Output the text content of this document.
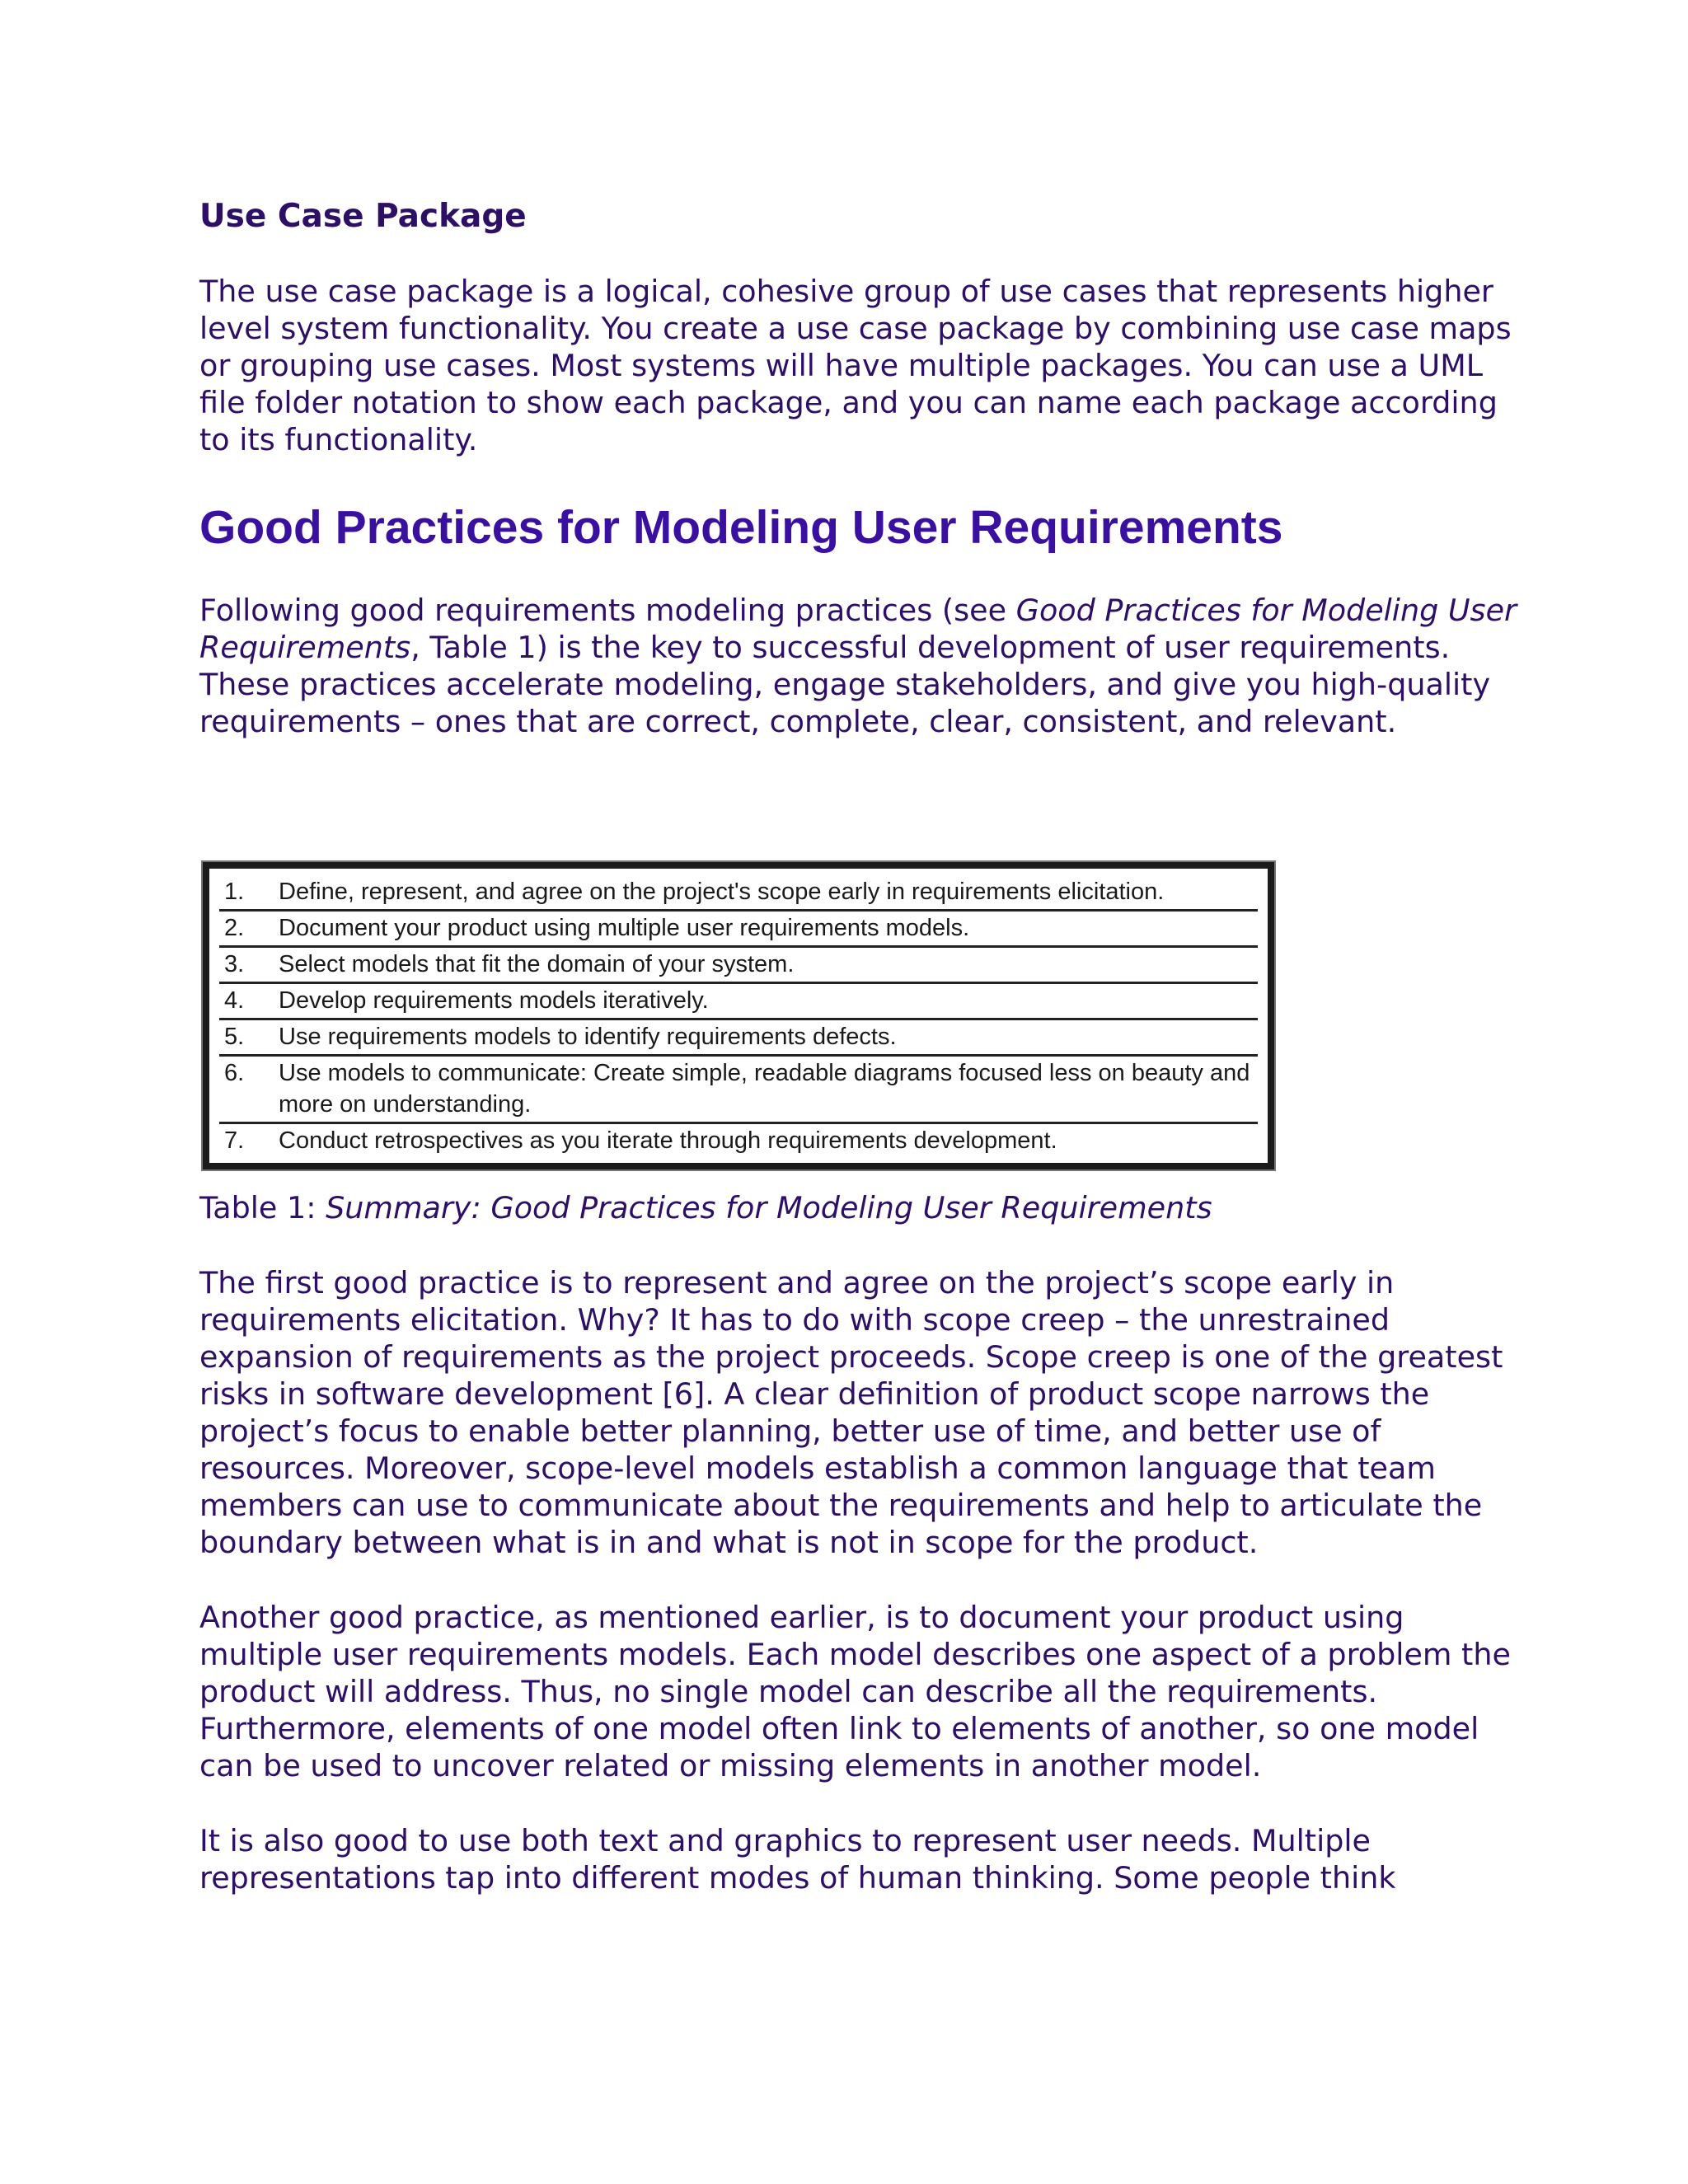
Use Case Package

The use case package is a logical, cohesive group of use cases that represents higher level system functionality. You create a use case package by combining use case maps or grouping use cases. Most systems will have multiple packages. You can use a UML file folder notation to show each package, and you can name each package according to its functionality.

Good Practices for Modeling User Requirements

Following good requirements modeling practices (see Good Practices for Modeling User Requirements, Table 1) is the key to successful development of user requirements. These practices accelerate modeling, engage stakeholders, and give you high-quality requirements – ones that are correct, complete, clear, consistent, and relevant.

1.	Define, represent, and agree on the project's scope early in requirements elicitation.
2.	Document your product using multiple user requirements models.
3.	Select models that fit the domain of your system.
4.	Develop requirements models iteratively.
5.	Use requirements models to identify requirements defects.
6.	Use models to communicate: Create simple, readable diagrams focused less on beauty and more on understanding.
7.	Conduct retrospectives as you iterate through requirements development.

Table 1: Summary: Good Practices for Modeling User Requirements

The first good practice is to represent and agree on the project’s scope early in requirements elicitation. Why? It has to do with scope creep – the unrestrained expansion of requirements as the project proceeds. Scope creep is one of the greatest risks in software development [6]. A clear definition of product scope narrows the project’s focus to enable better planning, better use of time, and better use of resources. Moreover, scope-level models establish a common language that team members can use to communicate about the requirements and help to articulate the boundary between what is in and what is not in scope for the product.

Another good practice, as mentioned earlier, is to document your product using multiple user requirements models. Each model describes one aspect of a problem the product will address. Thus, no single model can describe all the requirements. Furthermore, elements of one model often link to elements of another, so one model can be used to uncover related or missing elements in another model.

It is also good to use both text and graphics to represent user needs. Multiple representations tap into different modes of human thinking. Some people think
